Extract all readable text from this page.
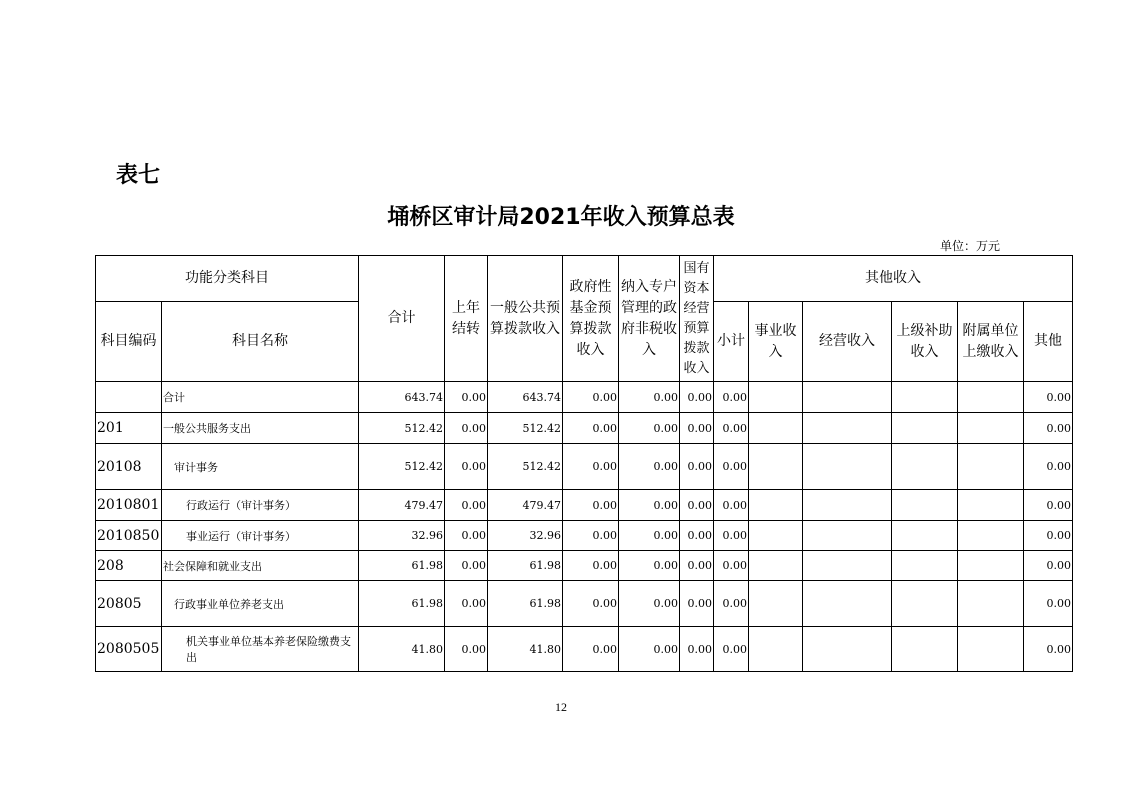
表七
埇桥区审计局2021年收入预算总表
单位：万元
功能分类科目		合计	上年结转	一般公共预算拨款收入	政府性基金预算拨款收入	纳入专户管理的政府非税收入	国有资本经营预算拨款收入	其他收入					
科目编码	科目名称							小计	事业收入	经营收入	上级补助收入	附属单位上缴收入	其他
	合计	643.74	0.00	643.74	0.00	0.00	0.00	0.00					0.00
201	一般公共服务支出	512.42	0.00	512.42	0.00	0.00	0.00	0.00					0.00
20108	审计事务	512.42	0.00	512.42	0.00	0.00	0.00	0.00					0.00
2010801	行政运行（审计事务）	479.47	0.00	479.47	0.00	0.00	0.00	0.00					0.00
2010850	事业运行（审计事务）	32.96	0.00	32.96	0.00	0.00	0.00	0.00					0.00
208	社会保障和就业支出	61.98	0.00	61.98	0.00	0.00	0.00	0.00					0.00
20805	行政事业单位养老支出	61.98	0.00	61.98	0.00	0.00	0.00	0.00					0.00
2080505	机关事业单位基本养老保险缴费支出	41.80	0.00	41.80	0.00	0.00	0.00	0.00					0.00
12
